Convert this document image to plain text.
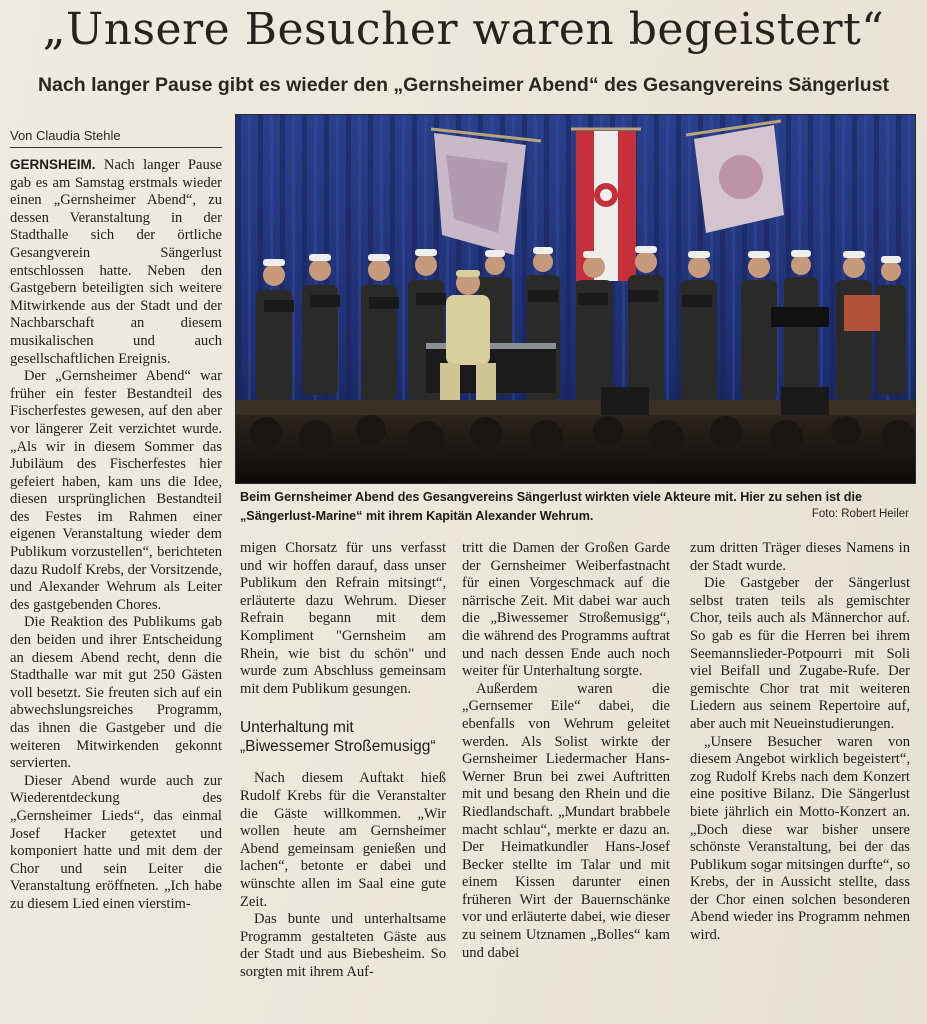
„Unsere Besucher waren begeistert“
Nach langer Pause gibt es wieder den „Gernsheimer Abend“ des Gesangvereins Sängerlust
Von Claudia Stehle

GERNSHEIM. Nach langer Pause gab es am Samstag erstmals wieder einen „Gernsheimer Abend“, zu dessen Veranstaltung in der Stadthalle sich der örtliche Gesangverein Sängerlust entschlossen hatte. Neben den Gastgebern beteiligten sich weitere Mitwirkende aus der Stadt und der Nachbarschaft an diesem musikalischen und auch gesellschaftlichen Ereignis.

Der „Gernsheimer Abend“ war früher ein fester Bestandteil des Fischerfestes gewesen, auf den aber vor längerer Zeit verzichtet wurde. „Als wir in diesem Sommer das Jubiläum des Fischerfestes hier gefeiert haben, kam uns die Idee, diesen ursprünglichen Bestandteil des Festes im Rahmen einer eigenen Veranstaltung wieder dem Publikum vorzustellen“, berichteten dazu Rudolf Krebs, der Vorsitzende, und Alexander Wehrum als Leiter des gastgebenden Chores.

Die Reaktion des Publikums gab den beiden und ihrer Entscheidung an diesem Abend recht, denn die Stadthalle war mit gut 250 Gästen voll besetzt. Sie freuten sich auf ein abwechslungsreiches Programm, das ihnen die Gastgeber und die weiteren Mitwirkenden gekonnt servierten.

Dieser Abend wurde auch zur Wiederentdeckung des „Gernsheimer Lieds“, das einmal Josef Hacker getextet und komponiert hatte und mit dem der Chor und sein Leiter die Veranstaltung eröffneten. „Ich habe zu diesem Lied einen vierstim-

Beim Gernsheimer Abend des Gesangvereins Sängerlust wirkten viele Akteure mit. Hier zu sehen ist die „Sängerlust-Marine“ mit ihrem Kapitän Alexander Wehrum.	Foto: Robert Heiler

migen Chorsatz für uns verfasst und wir hoffen darauf, dass unser Publikum den Refrain mitsingt“, erläuterte dazu Wehrum. Dieser Refrain begann mit dem Kompliment "Gernsheim am Rhein, wie bist du schön" und wurde zum Abschluss gemeinsam mit dem Publikum gesungen.

Unterhaltung mit
„Biwessemer Stroßemusigg“

Nach diesem Auftakt hieß Rudolf Krebs für die Veranstalter die Gäste willkommen. „Wir wollen heute am Gernsheimer Abend gemeinsam genießen und lachen“, betonte er dabei und wünschte allen im Saal eine gute Zeit.

Das bunte und unterhaltsame Programm gestalteten Gäste aus der Stadt und aus Biebesheim. So sorgten mit ihrem Auf-

tritt die Damen der Großen Garde der Gernsheimer Weiberfastnacht für einen Vorgeschmack auf die närrische Zeit. Mit dabei war auch die „Biwessemer Stroßemusigg“, die während des Programms auftrat und nach dessen Ende auch noch weiter für Unterhaltung sorgte.

Außerdem waren die „Gernsemer Eile“ dabei, die ebenfalls von Wehrum geleitet werden. Als Solist wirkte der Gernsheimer Liedermacher Hans-Werner Brun bei zwei Auftritten mit und besang den Rhein und die Riedlandschaft. „Mundart brabbele macht schlau“, merkte er dazu an. Der Heimatkundler Hans-Josef Becker stellte im Talar und mit einem Kissen darunter einen früheren Wirt der Bauernschänke vor und erläuterte dabei, wie dieser zu seinem Utznamen „Bolles“ kam und dabei

zum dritten Träger dieses Namens in der Stadt wurde.

Die Gastgeber der Sängerlust selbst traten teils als gemischter Chor, teils auch als Männerchor auf. So gab es für die Herren bei ihrem Seemannslieder-Potpourri mit Soli viel Beifall und Zugabe-Rufe. Der gemischte Chor trat mit weiteren Liedern aus seinem Repertoire auf, aber auch mit Neueinstudierungen.

„Unsere Besucher waren von diesem Angebot wirklich begeistert“, zog Rudolf Krebs nach dem Konzert eine positive Bilanz. Die Sängerlust biete jährlich ein Motto-Konzert an. „Doch diese war bisher unsere schönste Veranstaltung, bei der das Publikum sogar mitsingen durfte“, so Krebs, der in Aussicht stellte, dass der Chor einen solchen besonderen Abend wieder ins Programm nehmen wird.
